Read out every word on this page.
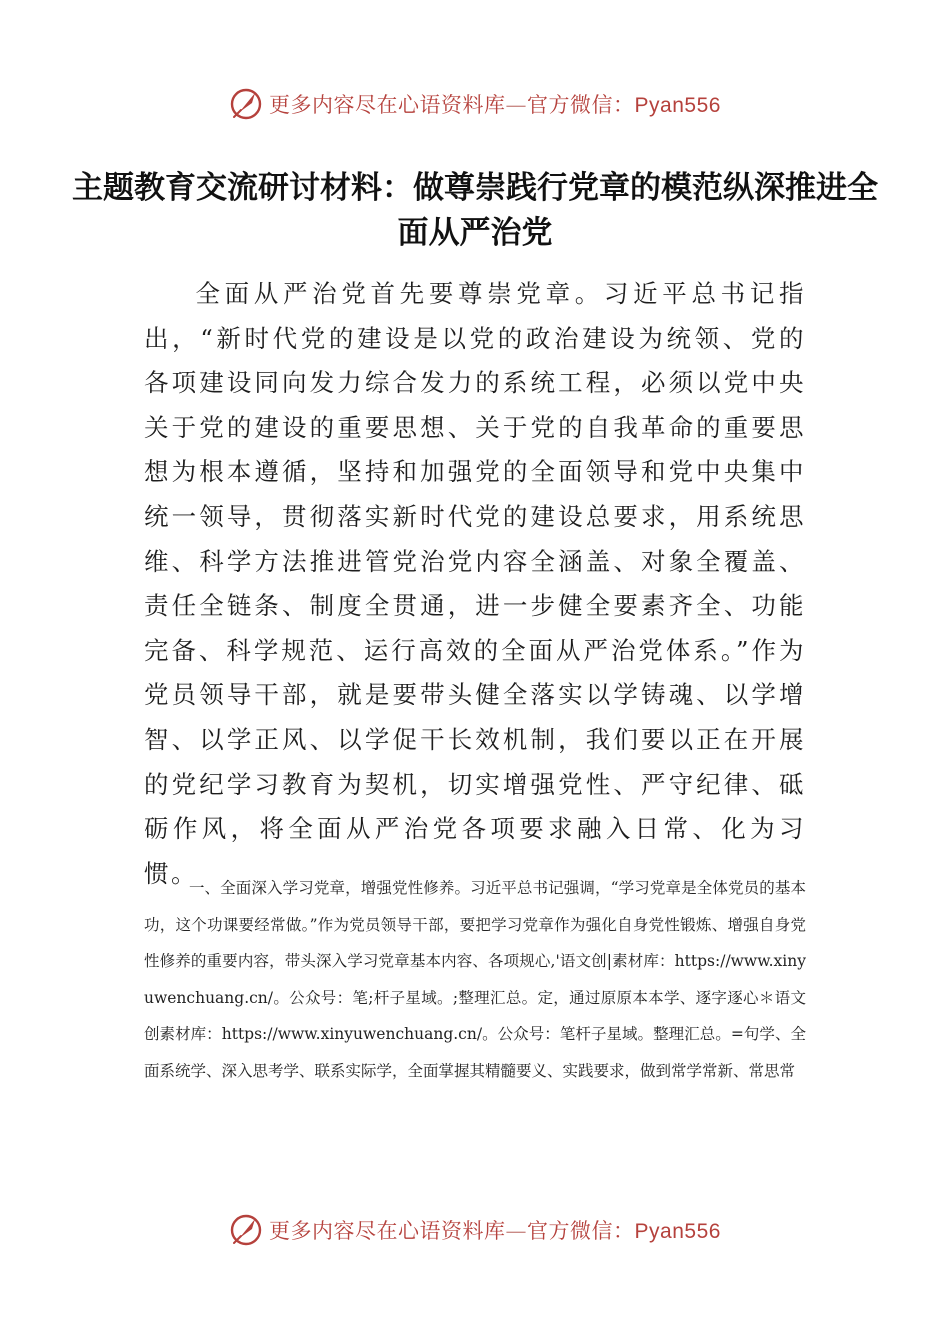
更多内容尽在心语资料库—官方微信：Pyan556
主题教育交流研讨材料：做尊崇践行党章的模范纵深推进全面从严治党
全面从严治党首先要尊崇党章。习近平总书记指出，“新时代党的建设是以党的政治建设为统领、党的各项建设同向发力综合发力的系统工程，必须以党中央关于党的建设的重要思想、关于党的自我革命的重要思想为根本遵循，坚持和加强党的全面领导和党中央集中统一领导，贯彻落实新时代党的建设总要求，用系统思维、科学方法推进管党治党内容全涵盖、对象全覆盖、责任全链条、制度全贯通，进一步健全要素齐全、功能完备、科学规范、运行高效的全面从严治党体系。”作为党员领导干部，就是要带头健全落实以学铸魂、以学增智、以学正风、以学促干长效机制，我们要以正在开展的党纪学习教育为契机，切实增强党性、严守纪律、砥砺作风，将全面从严治党各项要求融入日常、化为习惯。
一、全面深入学习党章，增强党性修养。习近平总书记强调，“学习党章是全体党员的基本功，这个功课要经常做。”作为党员领导干部，要把学习党章作为强化自身党性锻炼、增强自身党性修养的重要内容，带头深入学习党章基本内容、各项规心,'语文创|素材库：https://www.xinyuwenchuang.cn/。公众号：笔;杆子星域。;整理汇总。定，通过原原本本学、逐字逐心＊语文创素材库：https://www.xinyuwenchuang.cn/。公众号：笔杆子星域。整理汇总。=句学、全面系统学、深入思考学、联系实际学，全面掌握其精髓要义、实践要求，做到常学常新、常思常
更多内容尽在心语资料库—官方微信：Pyan556
